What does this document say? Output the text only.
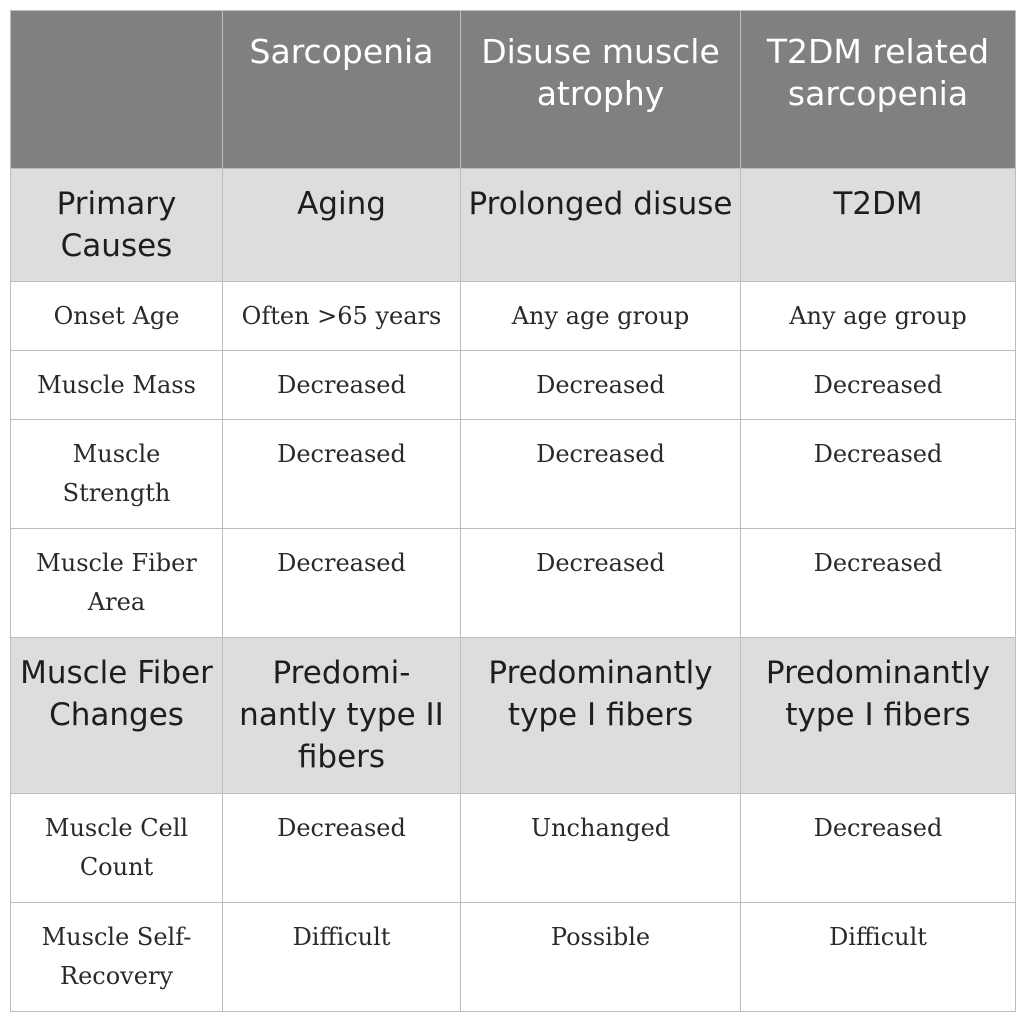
	Sarcopenia	Disuse muscle atrophy	T2DM related sarcopenia
Primary Causes	Aging	Prolonged disuse	T2DM
Onset Age	Often >65 years	Any age group	Any age group
Muscle Mass	Decreased	Decreased	Decreased
Muscle Strength	Decreased	Decreased	Decreased
Muscle Fiber Area	Decreased	Decreased	Decreased
Muscle Fiber Changes	Predomi-nantly type II fibers	Predominantly type I fibers	Predominantly type I fibers
Muscle Cell Count	Decreased	Unchanged	Decreased
Muscle Self-Recovery	Difficult	Possible	Difficult
